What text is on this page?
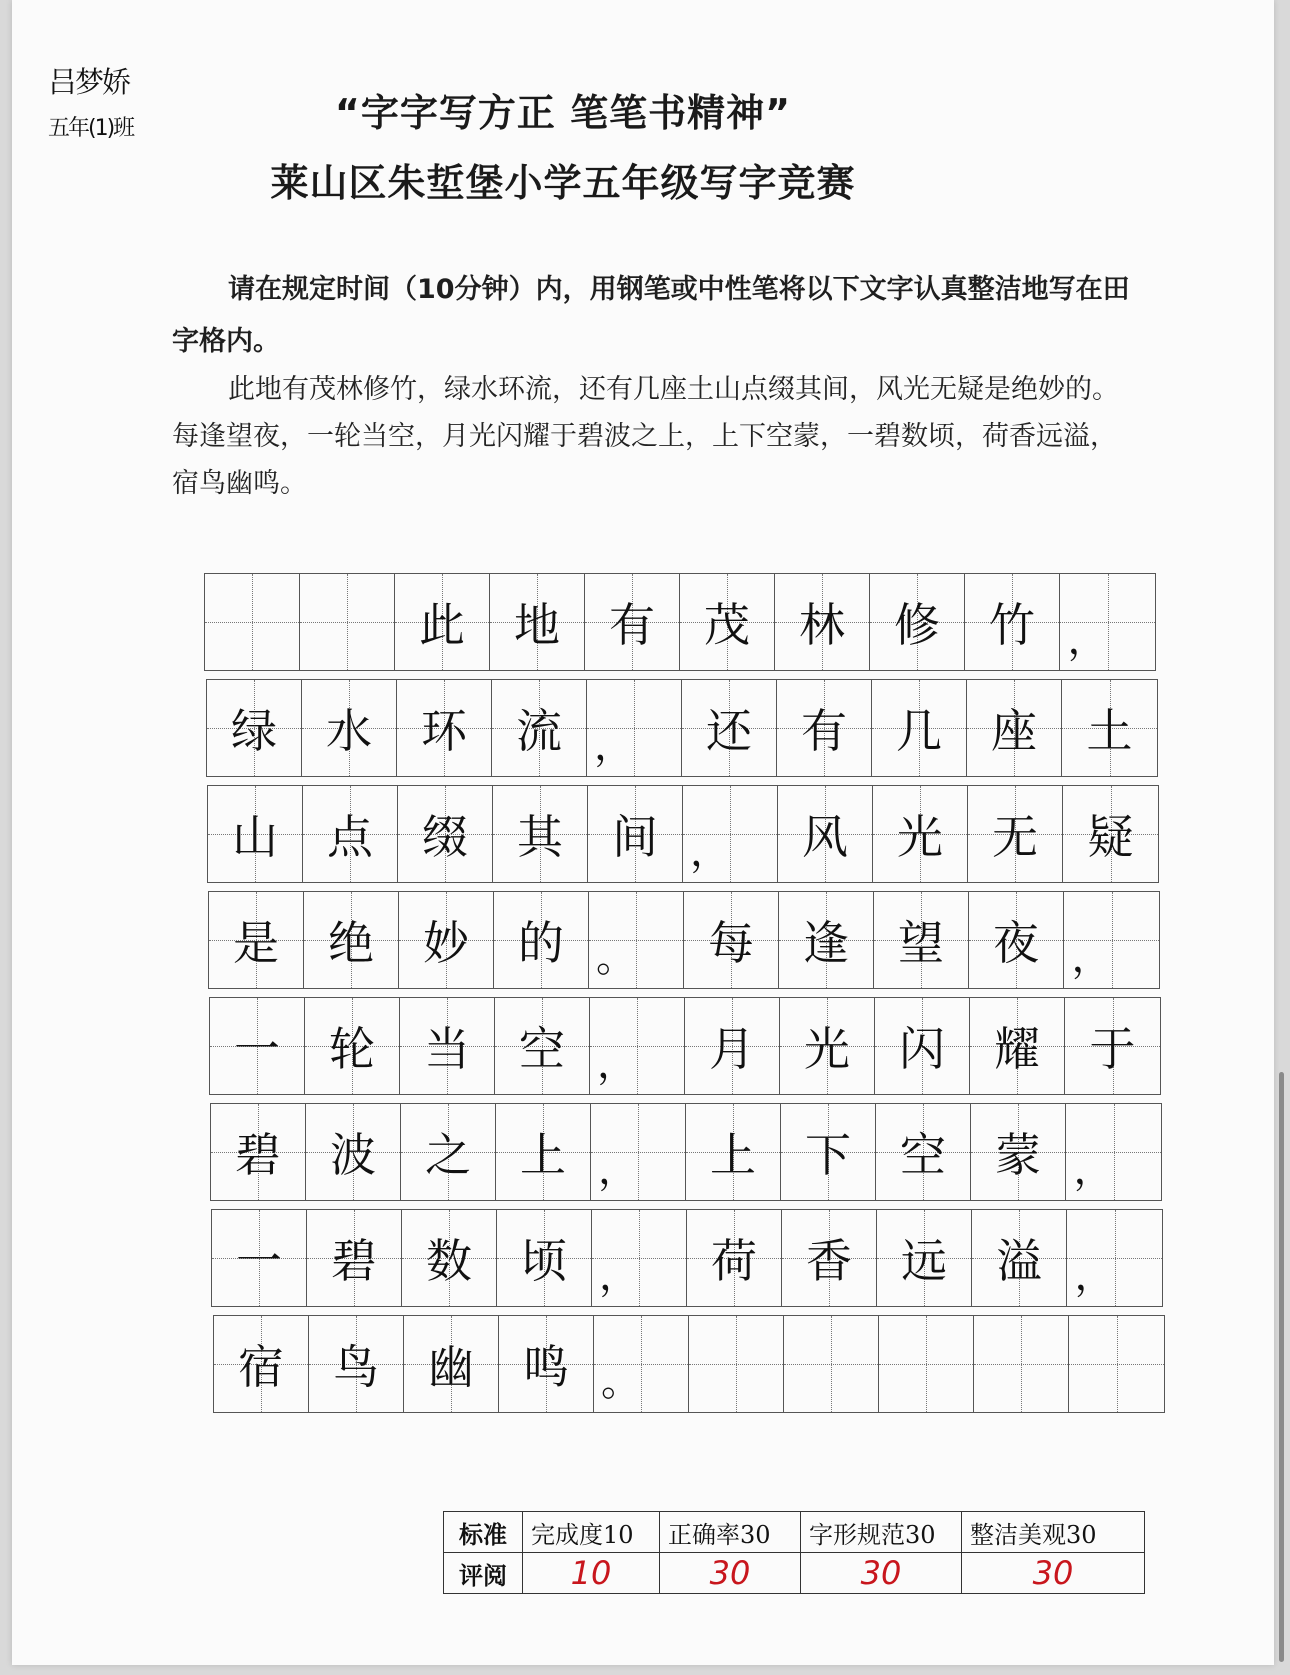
吕梦娇
五年(1)班	“字字写方正 笔笔书精神”
莱山区朱埑堡小学五年级写字竞赛
请在规定时间（10分钟）内，用钢笔或中性笔将以下文字认真整洁地写在田字格内。
此地有茂林修竹，绿水环流，还有几座土山点缀其间，风光无疑是绝妙的。每逢望夜，一轮当空，月光闪耀于碧波之上，上下空蒙，一碧数顷，荷香远溢，宿鸟幽鸣。
此 地 有 茂 林 修 竹 ，
绿 水 环 流 ， 还 有 几 座 土
山 点 缀 其 间 ， 风 光 无 疑
是 绝 妙 的 。 每 逢 望 夜 ，
一 轮 当 空 ， 月 光 闪 耀 于
碧 波 之 上 ， 上 下 空 蒙 ，
一 碧 数 顷 ， 荷 香 远 溢 ，
宿 鸟 幽 鸣 。
标准	完成度10	正确率30	字形规范30	整洁美观30
评阅	10	30	30	30
